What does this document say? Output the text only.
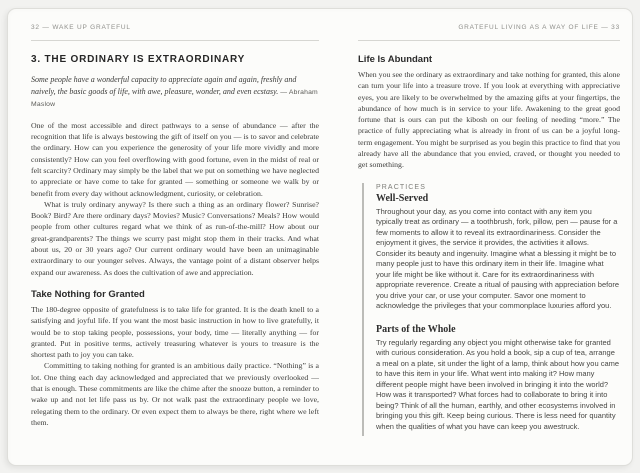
32 — WAKE UP GRATEFUL
3. THE ORDINARY IS EXTRAORDINARY

Some people have a wonderful capacity to appreciate again and again, freshly and naively, the basic goods of life, with awe, pleasure, wonder, and even ecstasy. — Abraham Maslow

One of the most accessible and direct pathways to a sense of abundance — after the recognition that life is always bestowing the gift of itself on you — is to savor and celebrate the ordinary. How can you experience the generosity of your life more vividly and more consistently? How can you feel overflowing with good fortune, even in the midst of real or felt scarcity? Ordinary may simply be the label that we put on something we have neglected to appreciate or have come to take for granted — something or someone we walk by or benefit from every day without acknowledgment, curiosity, or celebration.

What is truly ordinary anyway? Is there such a thing as an ordinary flower? Sunrise? Book? Bird? Are there ordinary days? Movies? Music? Conversations? Meals? How would people from other cultures regard what we think of as run-of-the-mill? How about our great-grandparents? The things we scurry past might stop them in their tracks. And what about us, 20 or 30 years ago? Our current ordinary would have been an unimaginable extraordinary to our younger selves. Always, the vantage point of a distant observer helps expand our awareness. As does the cultivation of awe and appreciation.

Take Nothing for Granted

The 180-degree opposite of gratefulness is to take life for granted. It is the death knell to a satisfying and joyful life. If you want the most basic instruction in how to live gratefully, it would be to stop taking people, possessions, your body, time — literally anything — for granted. Put in positive terms, actively treasuring whatever is yours to treasure is the shortest path to joy you can take.

Committing to taking nothing for granted is an ambitious daily practice. “Nothing” is a lot. One thing each day acknowledged and appreciated that we previously overlooked — that is enough. These commitments are like the chime after the snooze button, a reminder to wake up and not let life pass us by. Or not walk past the extraordinary people we love, relegating them to the ordinary. Or even expect them to always be there, right where we left them.

GRATEFUL LIVING AS A WAY OF LIFE — 33
Life Is Abundant

When you see the ordinary as extraordinary and take nothing for granted, this alone can turn your life into a treasure trove. If you look at everything with appreciative eyes, you are likely to be overwhelmed by the amazing gifts at your fingertips, the abundance of how much is in service to your life. Awakening to the great good fortune that is ours can put the kibosh on our feeling of needing “more.” The practice of fully appreciating what is already in front of us can be a joyful long-term engagement. You might be surprised as you begin this practice to find that you already have all the abundance that you envied, craved, or thought you needed to get something.

PRACTICES
Well-Served

Throughout your day, as you come into contact with any item you typically treat as ordinary — a toothbrush, fork, pillow, pen — pause for a few moments to allow it to reveal its extraordinariness. Consider the enjoyment it gives, the service it provides, the activities it allows. Consider its beauty and ingenuity. Imagine what a blessing it might be to many people just to have this ordinary item in their life. Imagine what your life might be like without it. Care for its extraordinariness with appropriate reverence. Create a ritual of pausing with appreciation before you drive your car, or use your computer. Savor one moment to acknowledge the privileges that your commonplace luxuries afford you.

Parts of the Whole

Try regularly regarding any object you might otherwise take for granted with curious consideration. As you hold a book, sip a cup of tea, arrange a meal on a plate, sit under the light of a lamp, think about how you came to have this item in your life. What went into making it? How many different people might have been involved in bringing it into the world? How was it transported? What forces had to collaborate to bring it into being? Think of all the human, earthly, and other ecosystems involved in bringing you this gift. Keep being curious. There is less need for quantity when the qualities of what you have can keep you awestruck.
